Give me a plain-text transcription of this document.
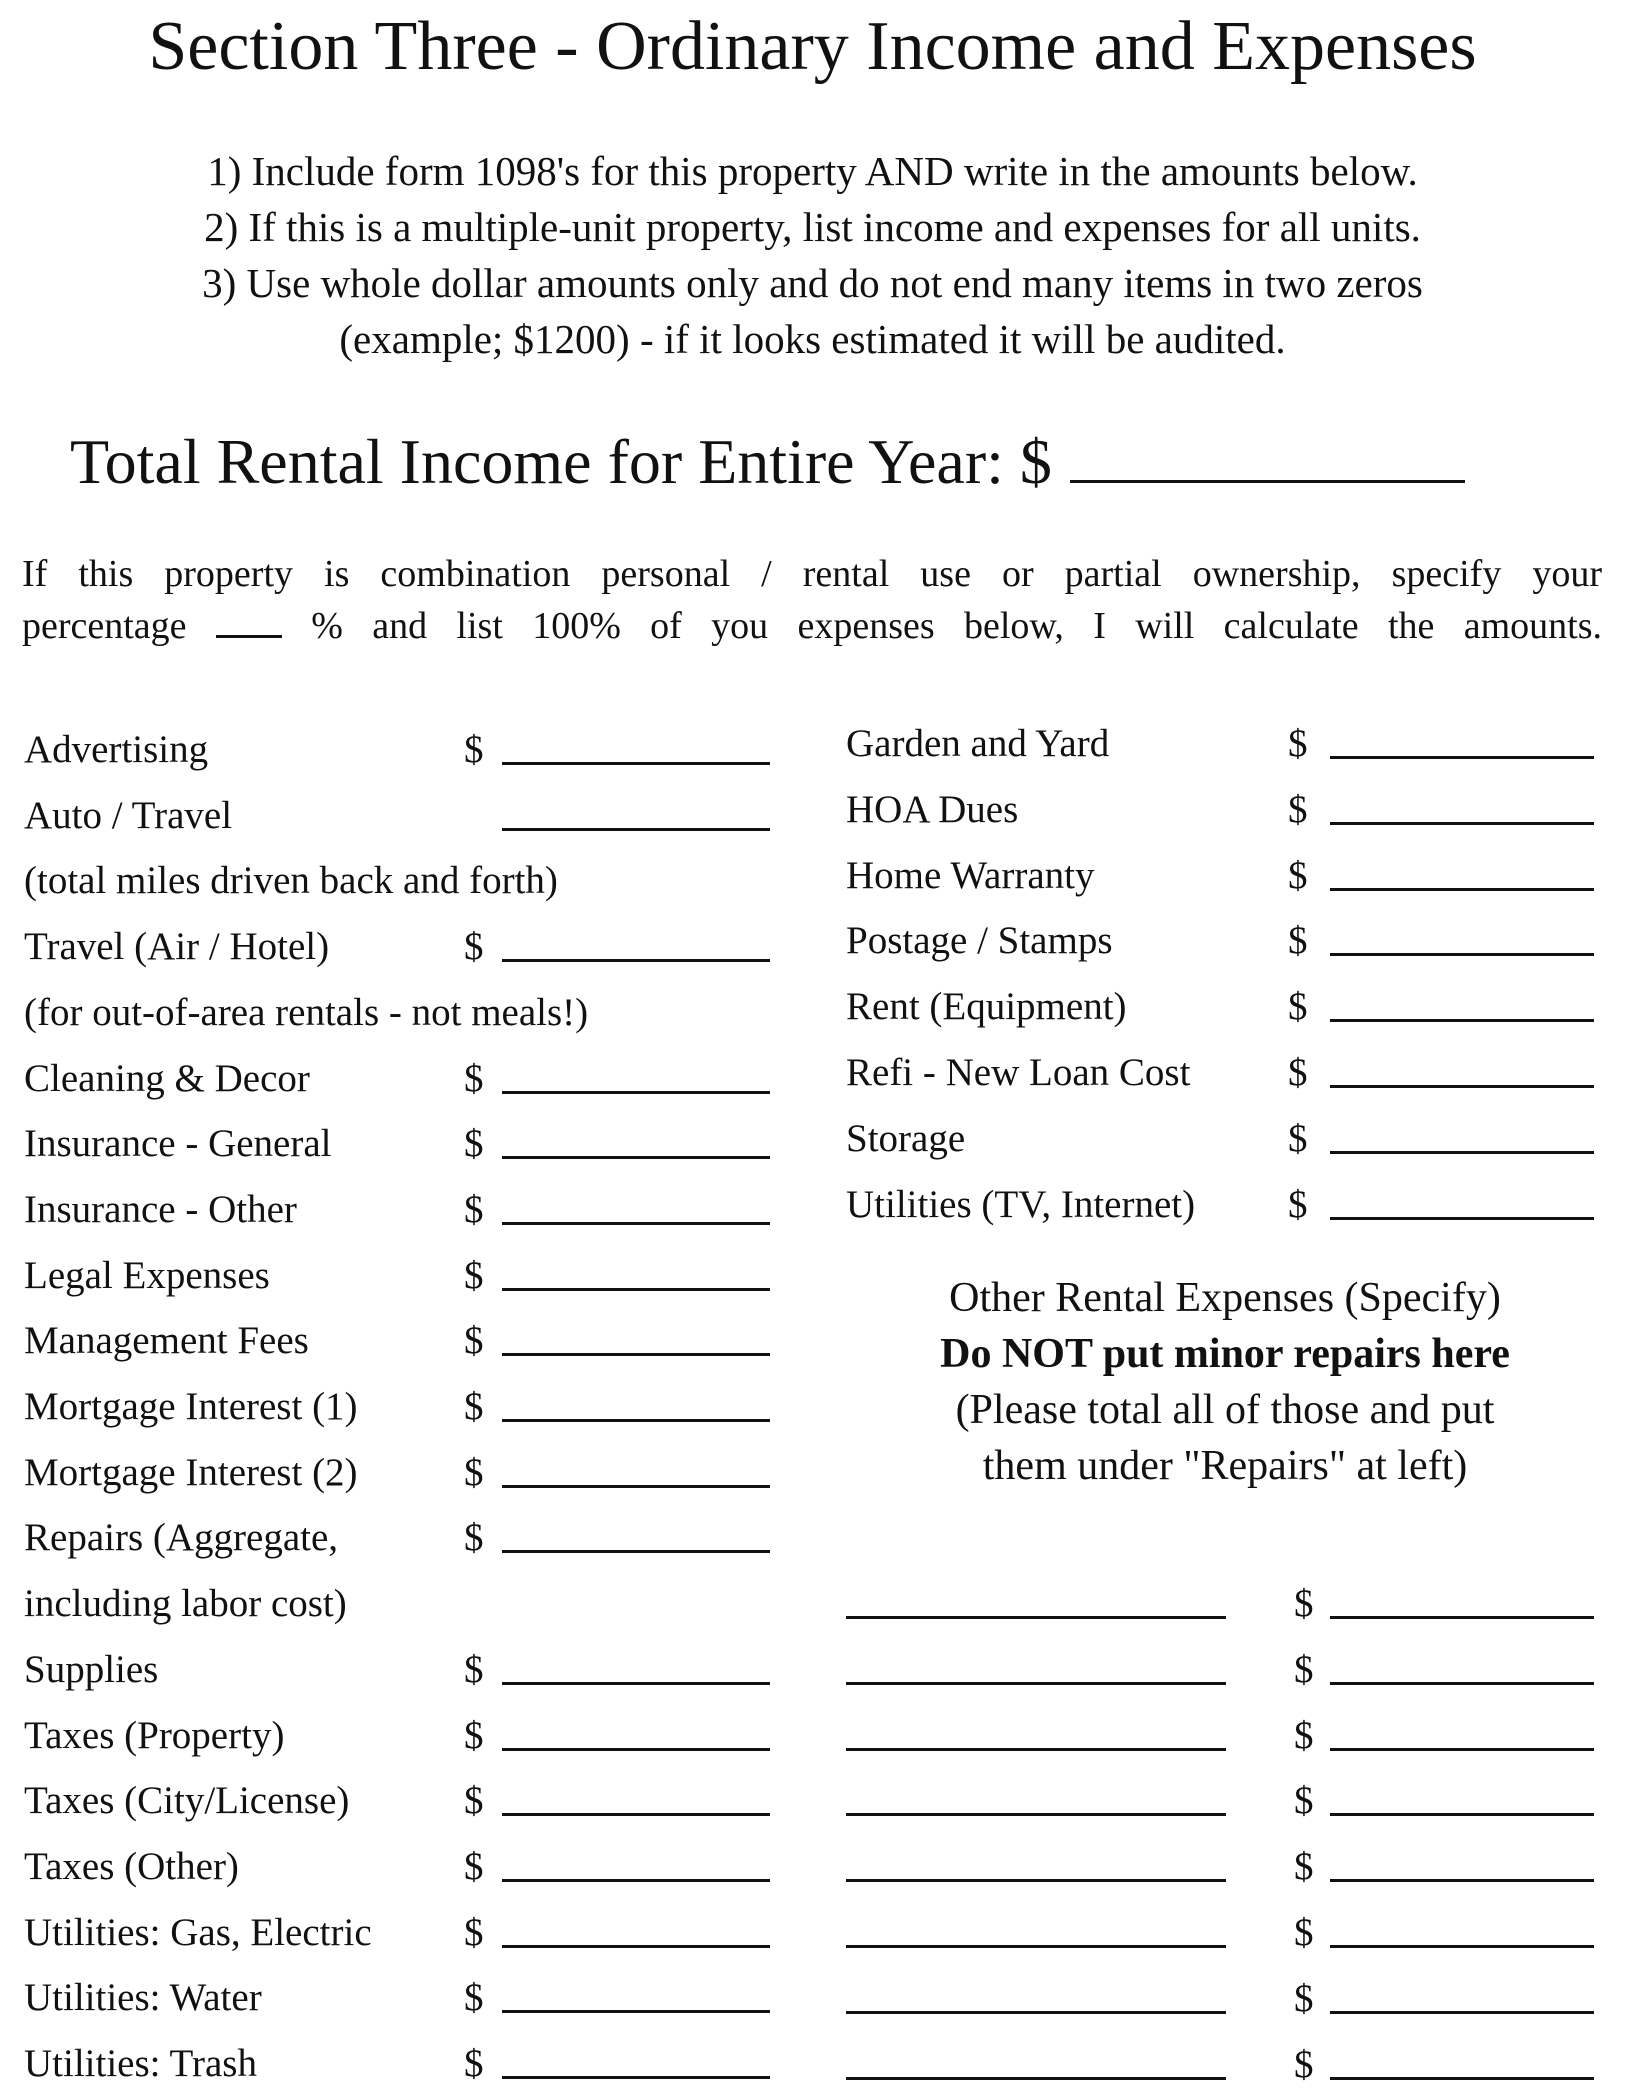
Section Three - Ordinary Income and Expenses
1) Include form 1098's for this property AND write in the amounts below.
2) If this is a multiple-unit property, list income and expenses for all units.
3) Use whole dollar amounts only and do not end many items in two zeros
(example; $1200) - if it looks estimated it will be audited.
Total Rental Income for Entire Year: $
If this property is combination personal / rental use or partial ownership, specify your
percentage	% and list 100% of you expenses below, I will calculate the amounts.
Advertising	$
Auto / Travel
(total miles driven back and forth)
Travel (Air / Hotel)	$
(for out-of-area rentals - not meals!)
Cleaning & Decor	$
Insurance - General	$
Insurance - Other	$
Legal Expenses	$
Management Fees	$
Mortgage Interest (1)	$
Mortgage Interest (2)	$
Repairs (Aggregate,	$
including labor cost)
Supplies	$
Taxes (Property)	$
Taxes (City/License)	$
Taxes (Other)	$
Utilities: Gas, Electric $
Utilities: Water	$
Utilities: Trash	$
Garden and Yard	$
HOA Dues	$
Home Warranty	$
Postage / Stamps	$
Rent (Equipment)	$
Refi - New Loan Cost	$
Storage	$
Utilities (TV, Internet) $
Other Rental Expenses (Specify)
Do NOT put minor repairs here
(Please total all of those and put
them under "Repairs" at left)
$
$
$
$
$
$
$
$
